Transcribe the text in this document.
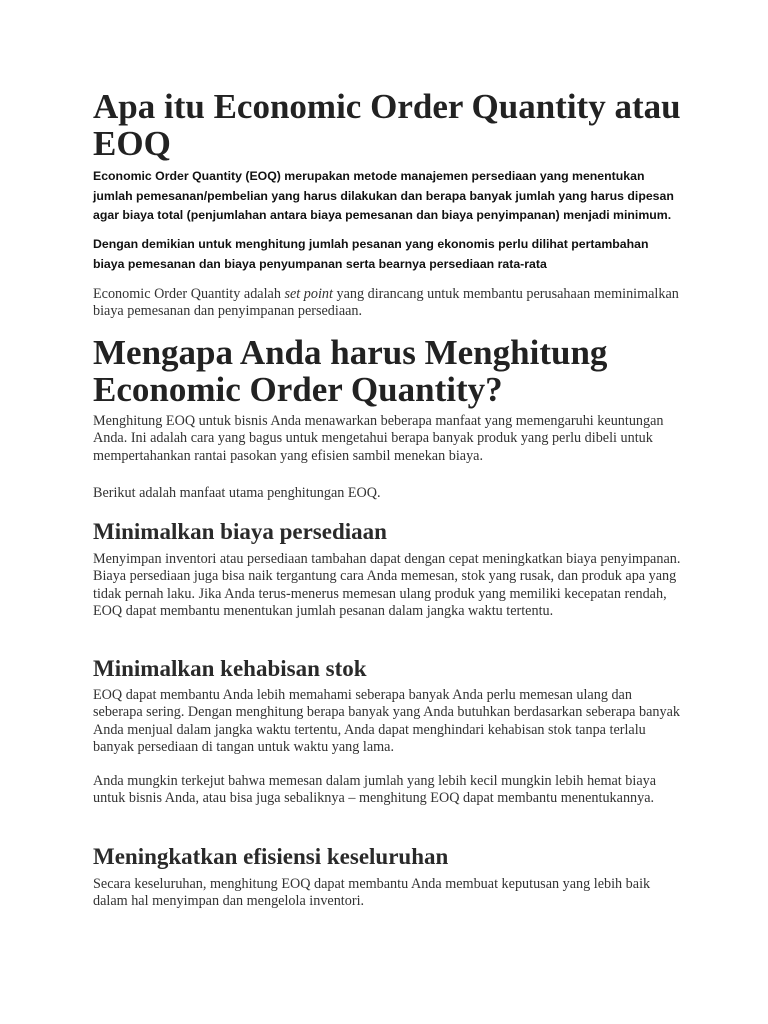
Apa itu Economic Order Quantity atau EOQ

Economic Order Quantity (EOQ) merupakan metode manajemen persediaan yang menentukan jumlah pemesanan/pembelian yang harus dilakukan dan berapa banyak jumlah yang harus dipesan agar biaya total (penjumlahan antara biaya pemesanan dan biaya penyimpanan) menjadi minimum.

Dengan demikian untuk menghitung jumlah pesanan yang ekonomis perlu dilihat pertambahan biaya pemesanan dan biaya penyumpanan serta bearnya persediaan rata-rata

Economic Order Quantity adalah set point yang dirancang untuk membantu perusahaan meminimalkan biaya pemesanan dan penyimpanan persediaan.

Mengapa Anda harus Menghitung Economic Order Quantity?

Menghitung EOQ untuk bisnis Anda menawarkan beberapa manfaat yang memengaruhi keuntungan Anda. Ini adalah cara yang bagus untuk mengetahui berapa banyak produk yang perlu dibeli untuk mempertahankan rantai pasokan yang efisien sambil menekan biaya.

Berikut adalah manfaat utama penghitungan EOQ.

Minimalkan biaya persediaan

Menyimpan inventori atau persediaan tambahan dapat dengan cepat meningkatkan biaya penyimpanan. Biaya persediaan juga bisa naik tergantung cara Anda memesan, stok yang rusak, dan produk apa yang tidak pernah laku. Jika Anda terus-menerus memesan ulang produk yang memiliki kecepatan rendah, EOQ dapat membantu menentukan jumlah pesanan dalam jangka waktu tertentu.

Minimalkan kehabisan stok

EOQ dapat membantu Anda lebih memahami seberapa banyak Anda perlu memesan ulang dan seberapa sering. Dengan menghitung berapa banyak yang Anda butuhkan berdasarkan seberapa banyak Anda menjual dalam jangka waktu tertentu, Anda dapat menghindari kehabisan stok tanpa terlalu banyak persediaan di tangan untuk waktu yang lama.

Anda mungkin terkejut bahwa memesan dalam jumlah yang lebih kecil mungkin lebih hemat biaya untuk bisnis Anda, atau bisa juga sebaliknya – menghitung EOQ dapat membantu menentukannya.

Meningkatkan efisiensi keseluruhan

Secara keseluruhan, menghitung EOQ dapat membantu Anda membuat keputusan yang lebih baik dalam hal menyimpan dan mengelola inventori.
